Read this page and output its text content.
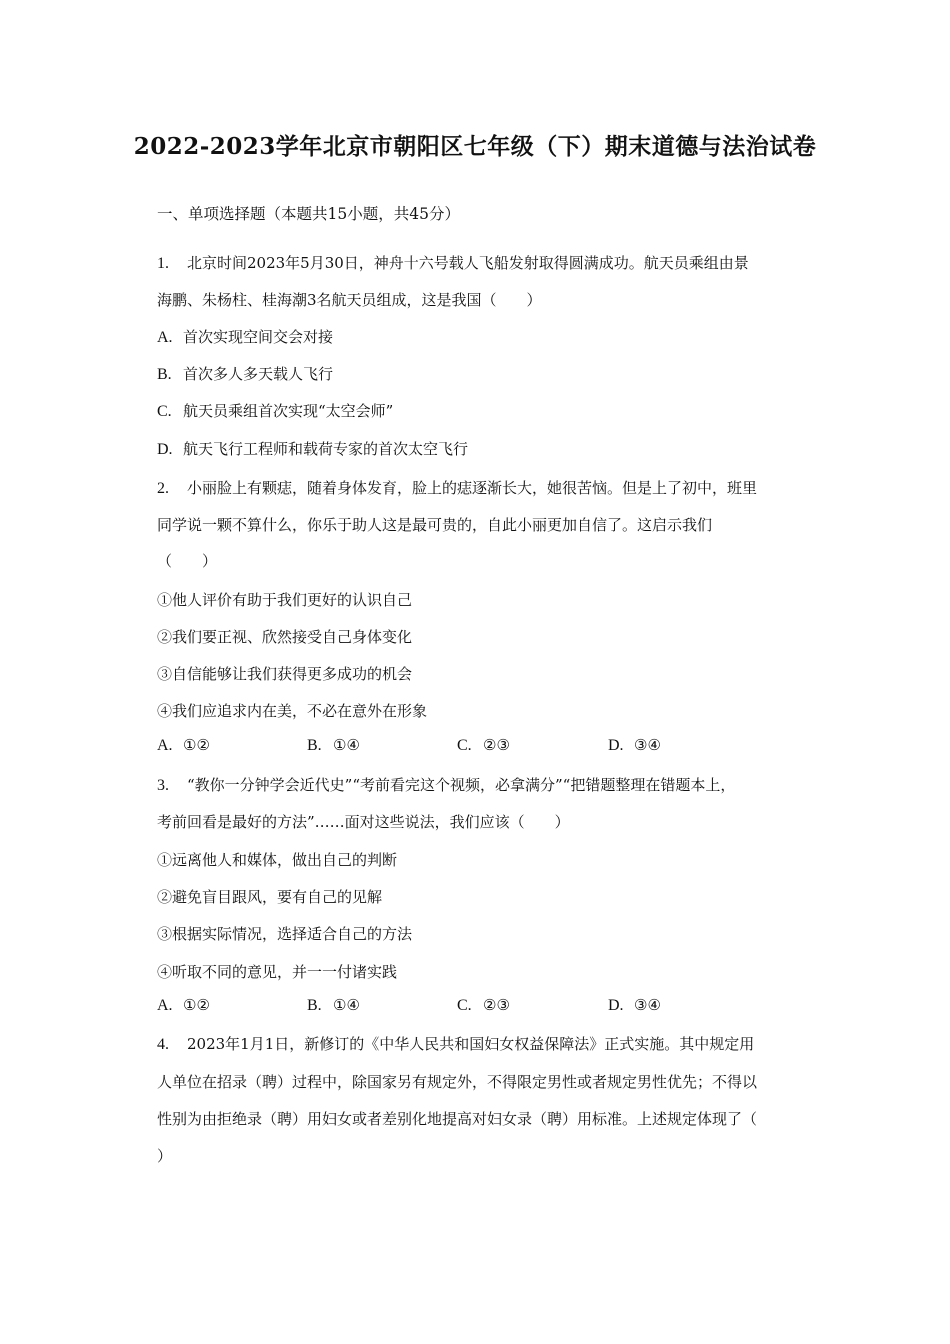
2022-2023学年北京市朝阳区七年级（下）期末道德与法治试卷
一、单项选择题（本题共15小题，共45分）
1. 北京时间2023年5月30日，神舟十六号载人飞船发射取得圆满成功。航天员乘组由景
海鹏、朱杨柱、桂海潮3名航天员组成，这是我国（　　）
A. 首次实现空间交会对接
B. 首次多人多天载人飞行
C. 航天员乘组首次实现“太空会师”
D. 航天飞行工程师和载荷专家的首次太空飞行
2. 小丽脸上有颗痣，随着身体发育，脸上的痣逐渐长大，她很苦恼。但是上了初中，班里
同学说一颗不算什么，你乐于助人这是最可贵的，自此小丽更加自信了。这启示我们
（　　）
①他人评价有助于我们更好的认识自己
②我们要正视、欣然接受自己身体变化
③自信能够让我们获得更多成功的机会
④我们应追求内在美，不必在意外在形象
A. ①②	B. ①④	C. ②③	D. ③④
3. “教你一分钟学会近代史”“考前看完这个视频，必拿满分”“把错题整理在错题本上，
考前回看是最好的方法”……面对这些说法，我们应该（　　）
①远离他人和媒体，做出自己的判断
②避免盲目跟风，要有自己的见解
③根据实际情况，选择适合自己的方法
④听取不同的意见，并一一付诸实践
A. ①②	B. ①④	C. ②③	D. ③④
4. 2023年1月1日，新修订的《中华人民共和国妇女权益保障法》正式实施。其中规定用
人单位在招录（聘）过程中，除国家另有规定外，不得限定男性或者规定男性优先；不得以
性别为由拒绝录（聘）用妇女或者差别化地提高对妇女录（聘）用标准。上述规定体现了（
）
